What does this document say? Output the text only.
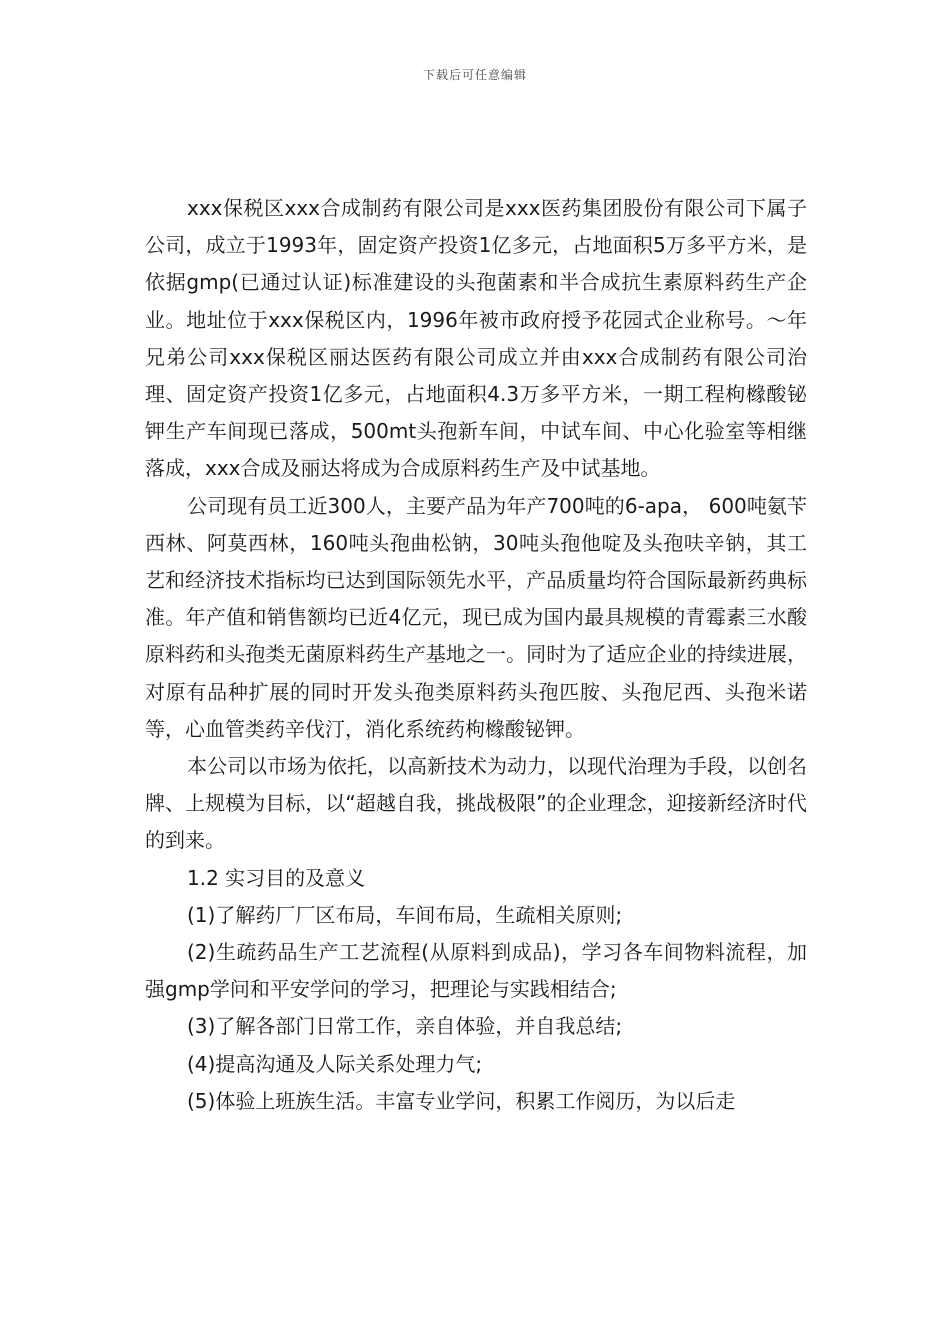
下载后可任意编辑

xxx保税区xxx合成制药有限公司是xxx医药集团股份有限公司下属子公司，成立于1993年，固定资产投资1亿多元，占地面积5万多平方米，是依据gmp(已通过认证)标准建设的头孢菌素和半合成抗生素原料药生产企业。地址位于xxx保税区内，1996年被市政府授予花园式企业称号。～年兄弟公司xxx保税区丽达医药有限公司成立并由xxx合成制药有限公司治理、固定资产投资1亿多元，占地面积4.3万多平方米，一期工程枸橼酸铋钾生产车间现已落成，500mt头孢新车间，中试车间、中心化验室等相继落成，xxx合成及丽达将成为合成原料药生产及中试基地。

公司现有员工近300人，主要产品为年产700吨的6-apa， 600吨氨苄西林、阿莫西林，160吨头孢曲松钠，30吨头孢他啶及头孢呋辛钠，其工艺和经济技术指标均已达到国际领先水平，产品质量均符合国际最新药典标准。年产值和销售额均已近4亿元，现已成为国内最具规模的青霉素三水酸原料药和头孢类无菌原料药生产基地之一。同时为了适应企业的持续进展，对原有品种扩展的同时开发头孢类原料药头孢匹胺、头孢尼西、头孢米诺等，心血管类药辛伐汀，消化系统药枸橼酸铋钾。

本公司以市场为依托，以高新技术为动力，以现代治理为手段，以创名牌、上规模为目标，以“超越自我，挑战极限”的企业理念，迎接新经济时代的到来。

1.2 实习目的及意义

(1)了解药厂厂区布局，车间布局，生疏相关原则;

(2)生疏药品生产工艺流程(从原料到成品)，学习各车间物料流程，加强gmp学问和平安学问的学习，把理论与实践相结合;

(3)了解各部门日常工作，亲自体验，并自我总结;

(4)提高沟通及人际关系处理力气;

(5)体验上班族生活。丰富专业学问，积累工作阅历，为以后走
